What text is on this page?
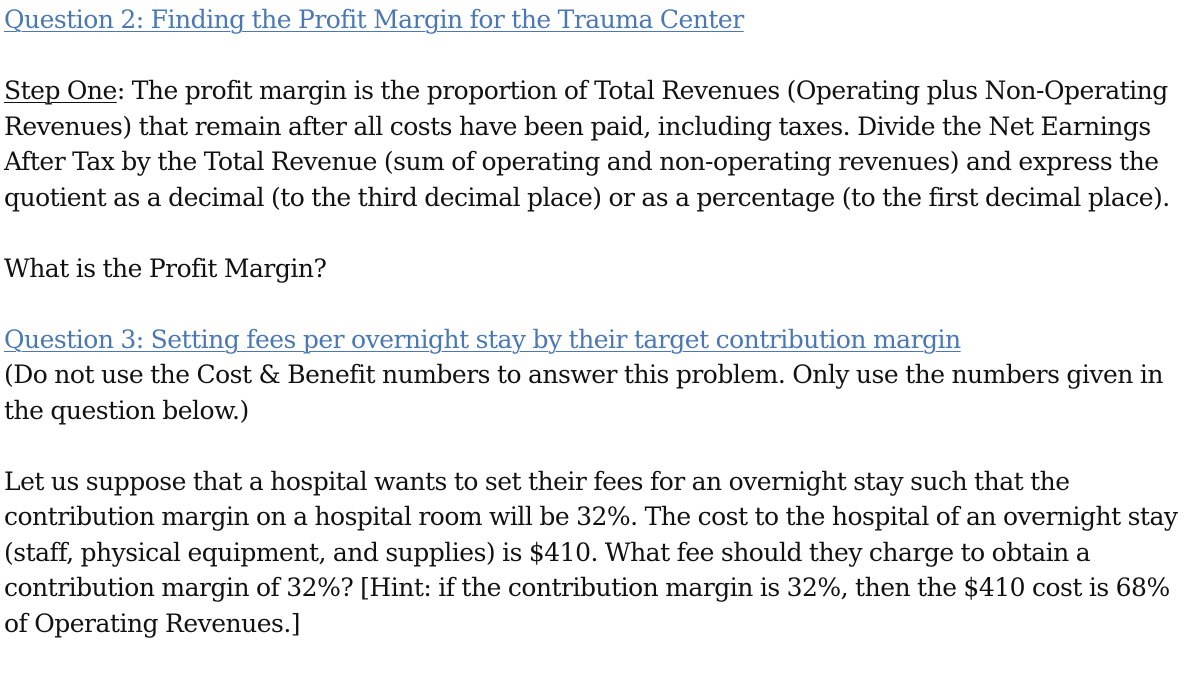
Question 2: Finding the Profit Margin for the Trauma Center

Step One: The profit margin is the proportion of Total Revenues (Operating plus Non-Operating Revenues) that remain after all costs have been paid, including taxes. Divide the Net Earnings After Tax by the Total Revenue (sum of operating and non-operating revenues) and express the quotient as a decimal (to the third decimal place) or as a percentage (to the first decimal place).

What is the Profit Margin?

Question 3: Setting fees per overnight stay by their target contribution margin

(Do not use the Cost & Benefit numbers to answer this problem. Only use the numbers given in the question below.)

Let us suppose that a hospital wants to set their fees for an overnight stay such that the contribution margin on a hospital room will be 32%. The cost to the hospital of an overnight stay (staff, physical equipment, and supplies) is $410. What fee should they charge to obtain a contribution margin of 32%? [Hint: if the contribution margin is 32%, then the $410 cost is 68% of Operating Revenues.]
